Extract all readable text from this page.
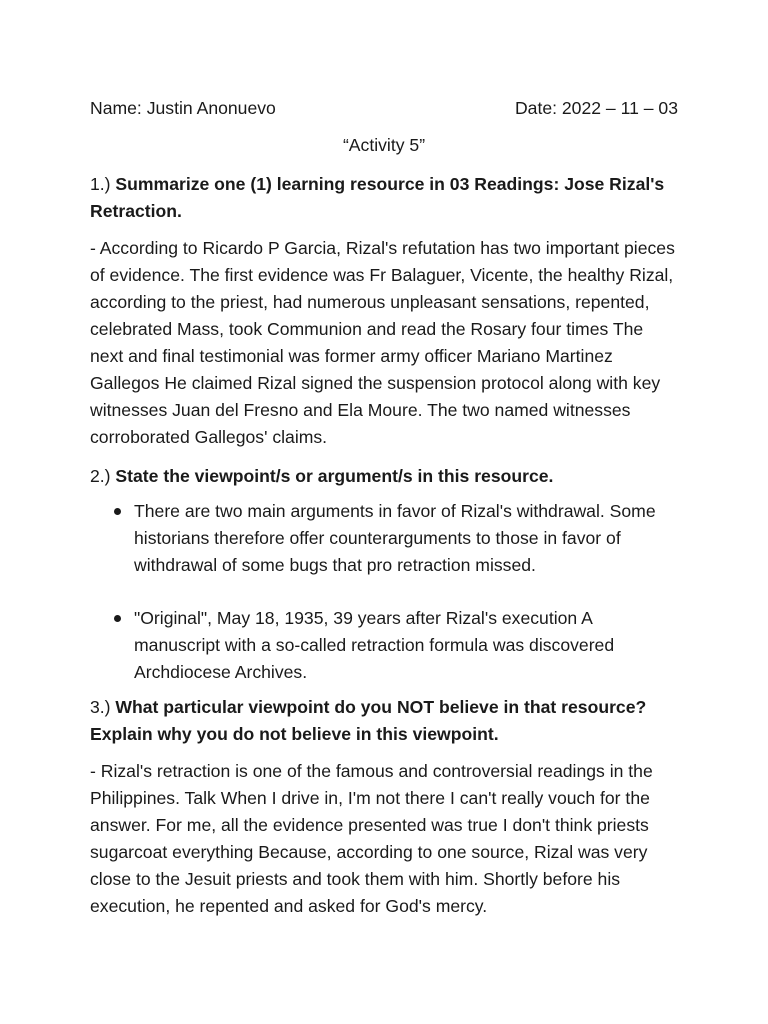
Name: Justin Anonuevo	Date: 2022 – 11 – 03
“Activity 5”
1.) Summarize one (1) learning resource in 03 Readings: Jose Rizal's Retraction.
- According to Ricardo P Garcia, Rizal's refutation has two important pieces of evidence. The first evidence was Fr Balaguer, Vicente, the healthy Rizal, according to the priest, had numerous unpleasant sensations, repented, celebrated Mass, took Communion and read the Rosary four times The next and final testimonial was former army officer Mariano Martinez Gallegos He claimed Rizal signed the suspension protocol along with key witnesses Juan del Fresno and Ela Moure. The two named witnesses corroborated Gallegos' claims.
2.) State the viewpoint/s or argument/s in this resource.
There are two main arguments in favor of Rizal's withdrawal. Some historians therefore offer counterarguments to those in favor of withdrawal of some bugs that pro retraction missed.
"Original", May 18, 1935, 39 years after Rizal's execution A manuscript with a so-called retraction formula was discovered Archdiocese Archives.
3.) What particular viewpoint do you NOT believe in that resource? Explain why you do not believe in this viewpoint.
- Rizal's retraction is one of the famous and controversial readings in the Philippines. Talk When I drive in, I'm not there I can't really vouch for the answer. For me, all the evidence presented was true I don't think priests sugarcoat everything Because, according to one source, Rizal was very close to the Jesuit priests and took them with him. Shortly before his execution, he repented and asked for God's mercy.
